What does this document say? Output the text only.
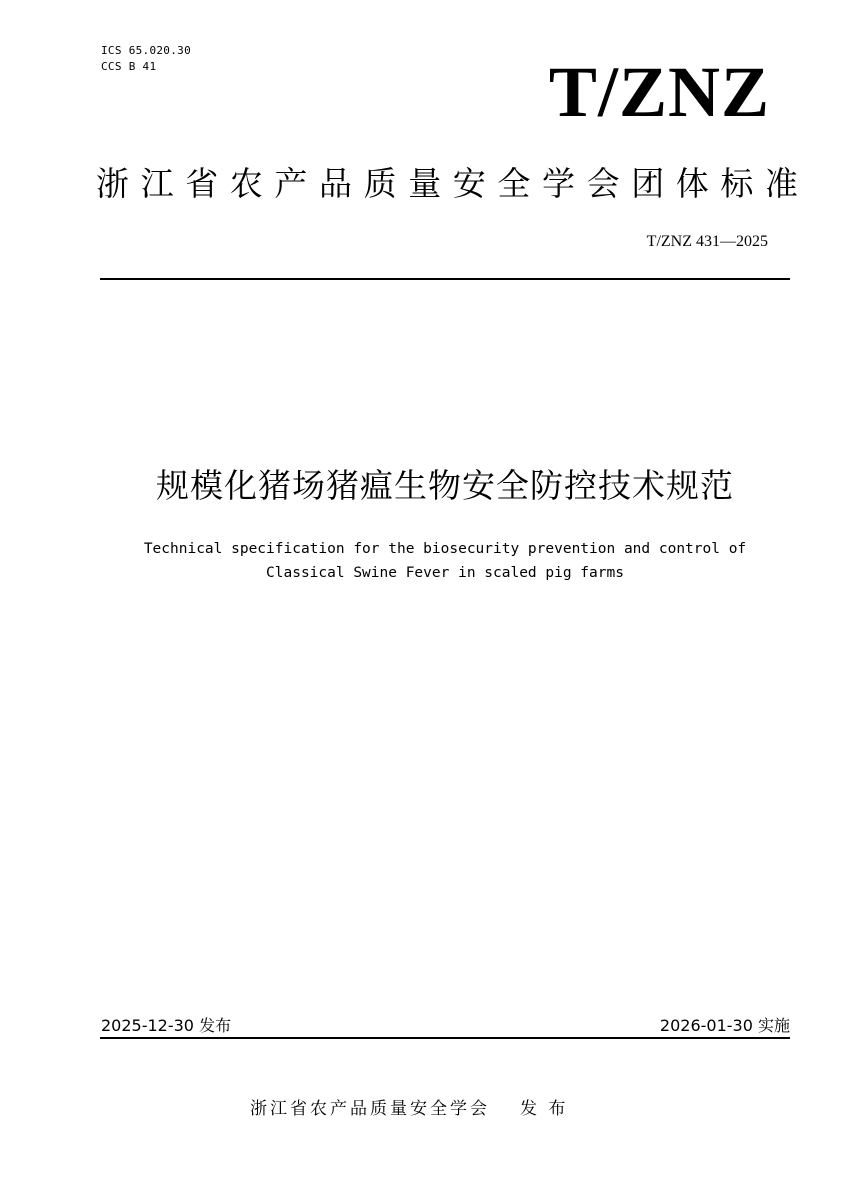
ICS 65.020.30
CCS B 41	T/ZNZ
浙江省农产品质量安全学会团体标准
T/ZNZ 431—2025
规模化猪场猪瘟生物安全防控技术规范
Technical specification for the biosecurity prevention and control of
Classical Swine Fever in scaled pig farms
2025-12-30 发布	2026-01-30 实施
浙江省农产品质量安全学会 发 布
